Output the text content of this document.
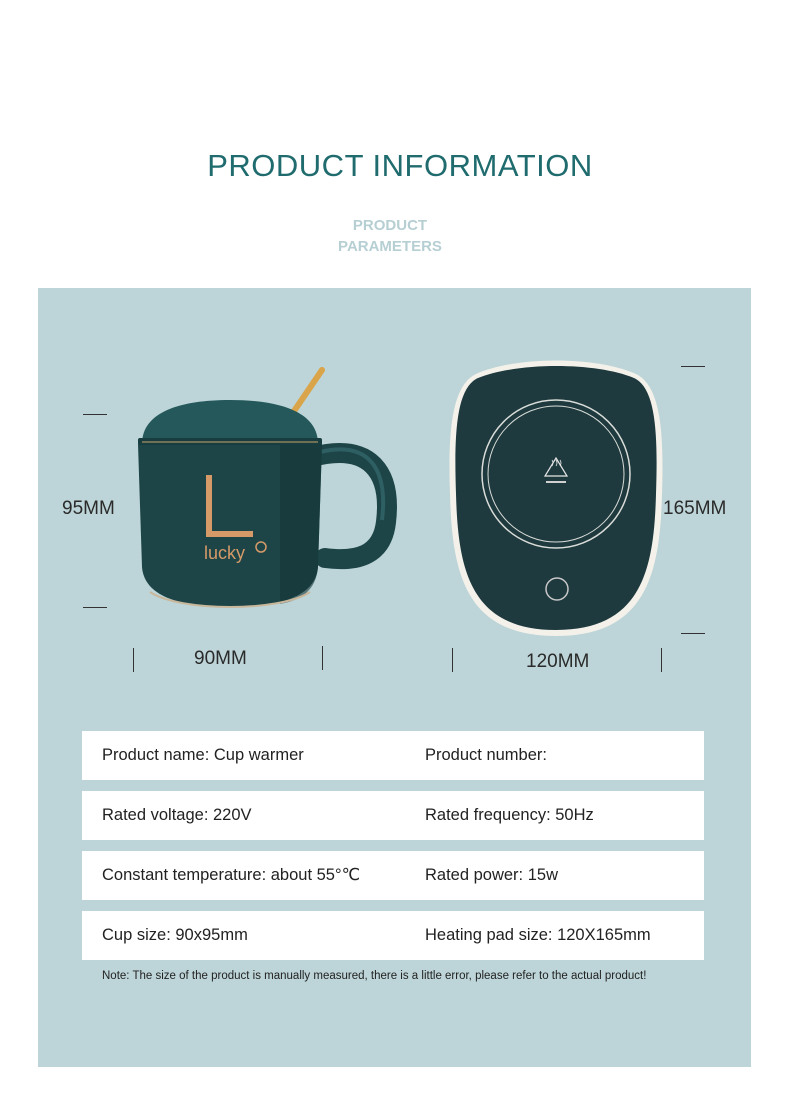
PRODUCT INFORMATION
PRODUCT
PARAMETERS
95MM
90MM
lucky
165MM
120MM
Product name: Cup warmer	Product number:
Rated voltage: 220V	Rated frequency: 50Hz
Constant temperature: about 55°℃	Rated power: 15w
Cup size: 90x95mm	Heating pad size: 120X165mm
Note: The size of the product is manually measured, there is a little error, please refer to the actual product!
